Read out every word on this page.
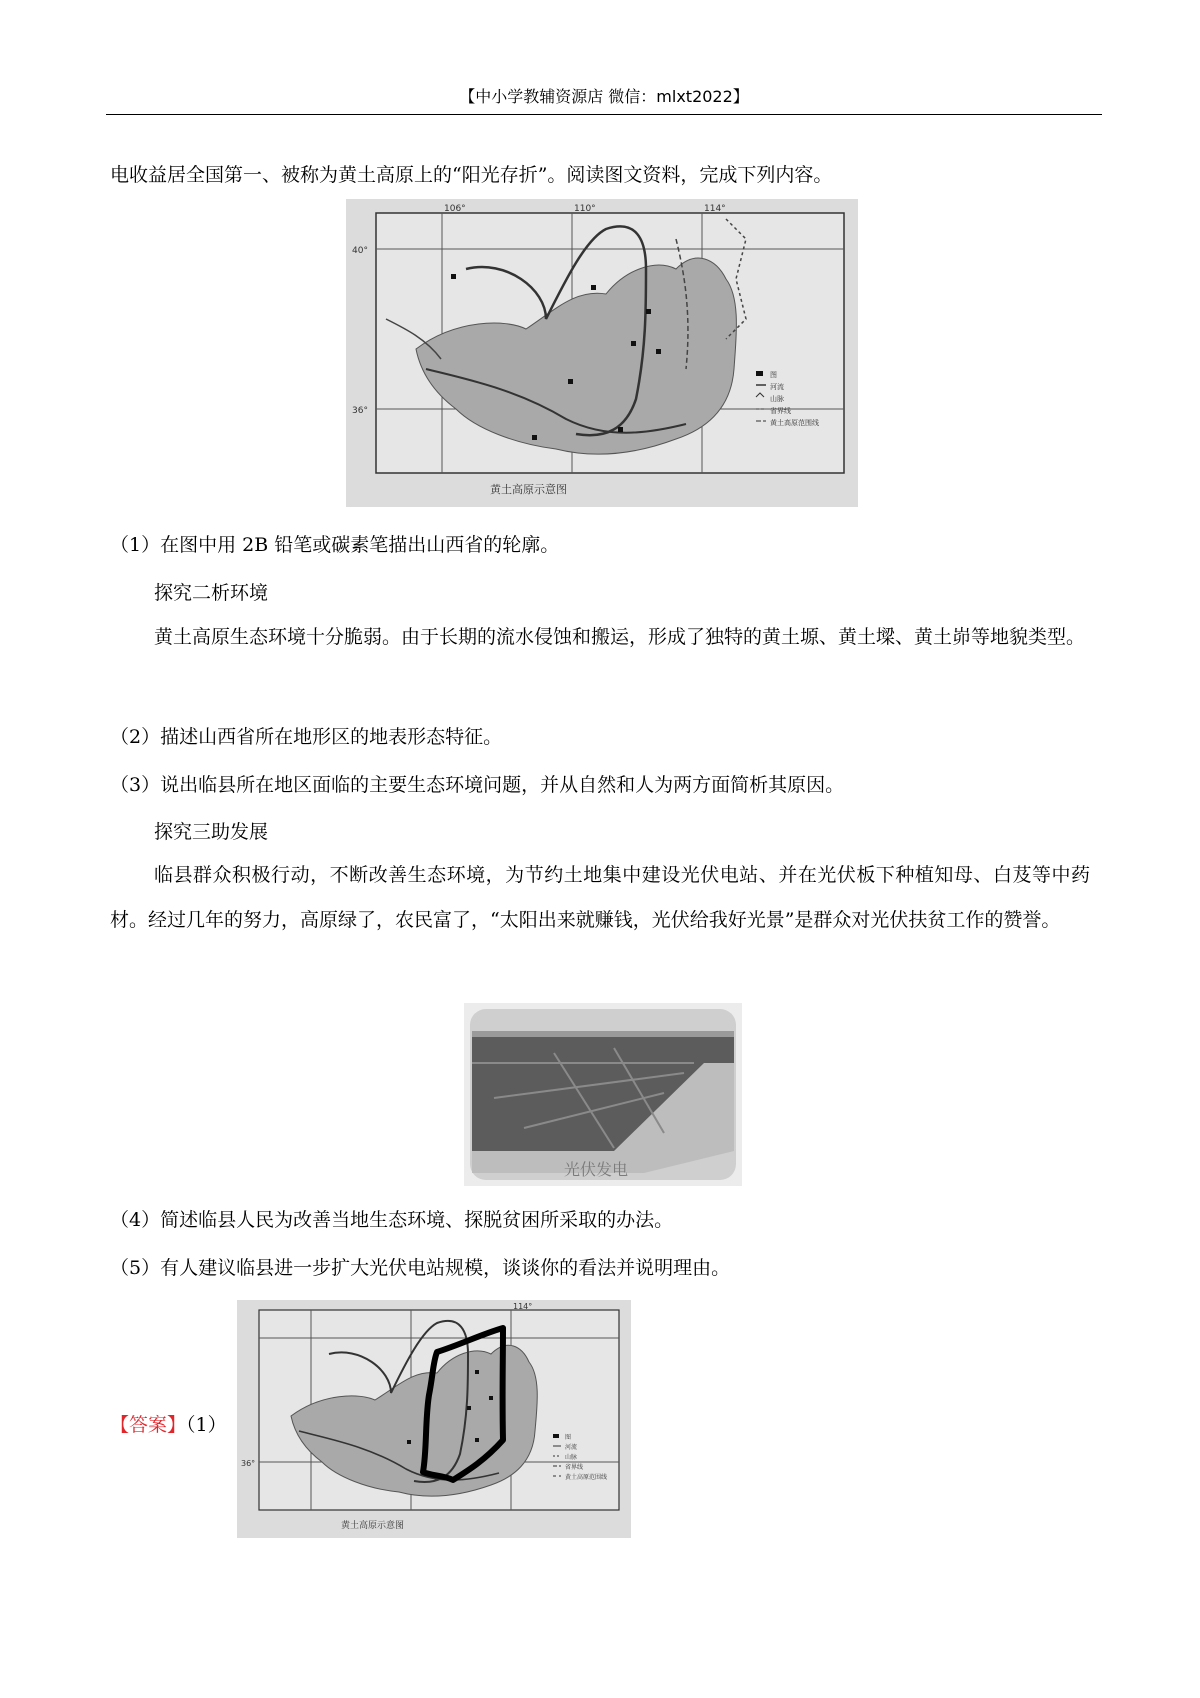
【中小学教辅资源店 微信：mlxt2022】
电收益居全国第一、被称为黄土高原上的“阳光存折”。阅读图文资料，完成下列内容。
106°	110°	114°
40°
36°
图
河流
山脉
省界线
黄土高原范围线
黄土高原示意图
（1）在图中用 2B 铅笔或碳素笔描出山西省的轮廓。
探究二析环境
黄土高原生态环境十分脆弱。由于长期的流水侵蚀和搬运，形成了独特的黄土塬、黄土墚、黄土峁等地貌类型。
（2）描述山西省所在地形区的地表形态特征。
（3）说出临县所在地区面临的主要生态环境问题，并从自然和人为两方面简析其原因。
探究三助发展
临县群众积极行动，不断改善生态环境，为节约土地集中建设光伏电站、并在光伏板下种植知母、白芨等中药材。经过几年的努力，高原绿了，农民富了，“太阳出来就赚钱，光伏给我好光景”是群众对光伏扶贫工作的赞誉。
光伏发电
（4）简述临县人民为改善当地生态环境、探脱贫困所采取的办法。
（5）有人建议临县进一步扩大光伏电站规模，谈谈你的看法并说明理由。
【答案】（1）
114°
36°
图
河流
山脉
省界线
黄土高原范围线
黄土高原示意图
